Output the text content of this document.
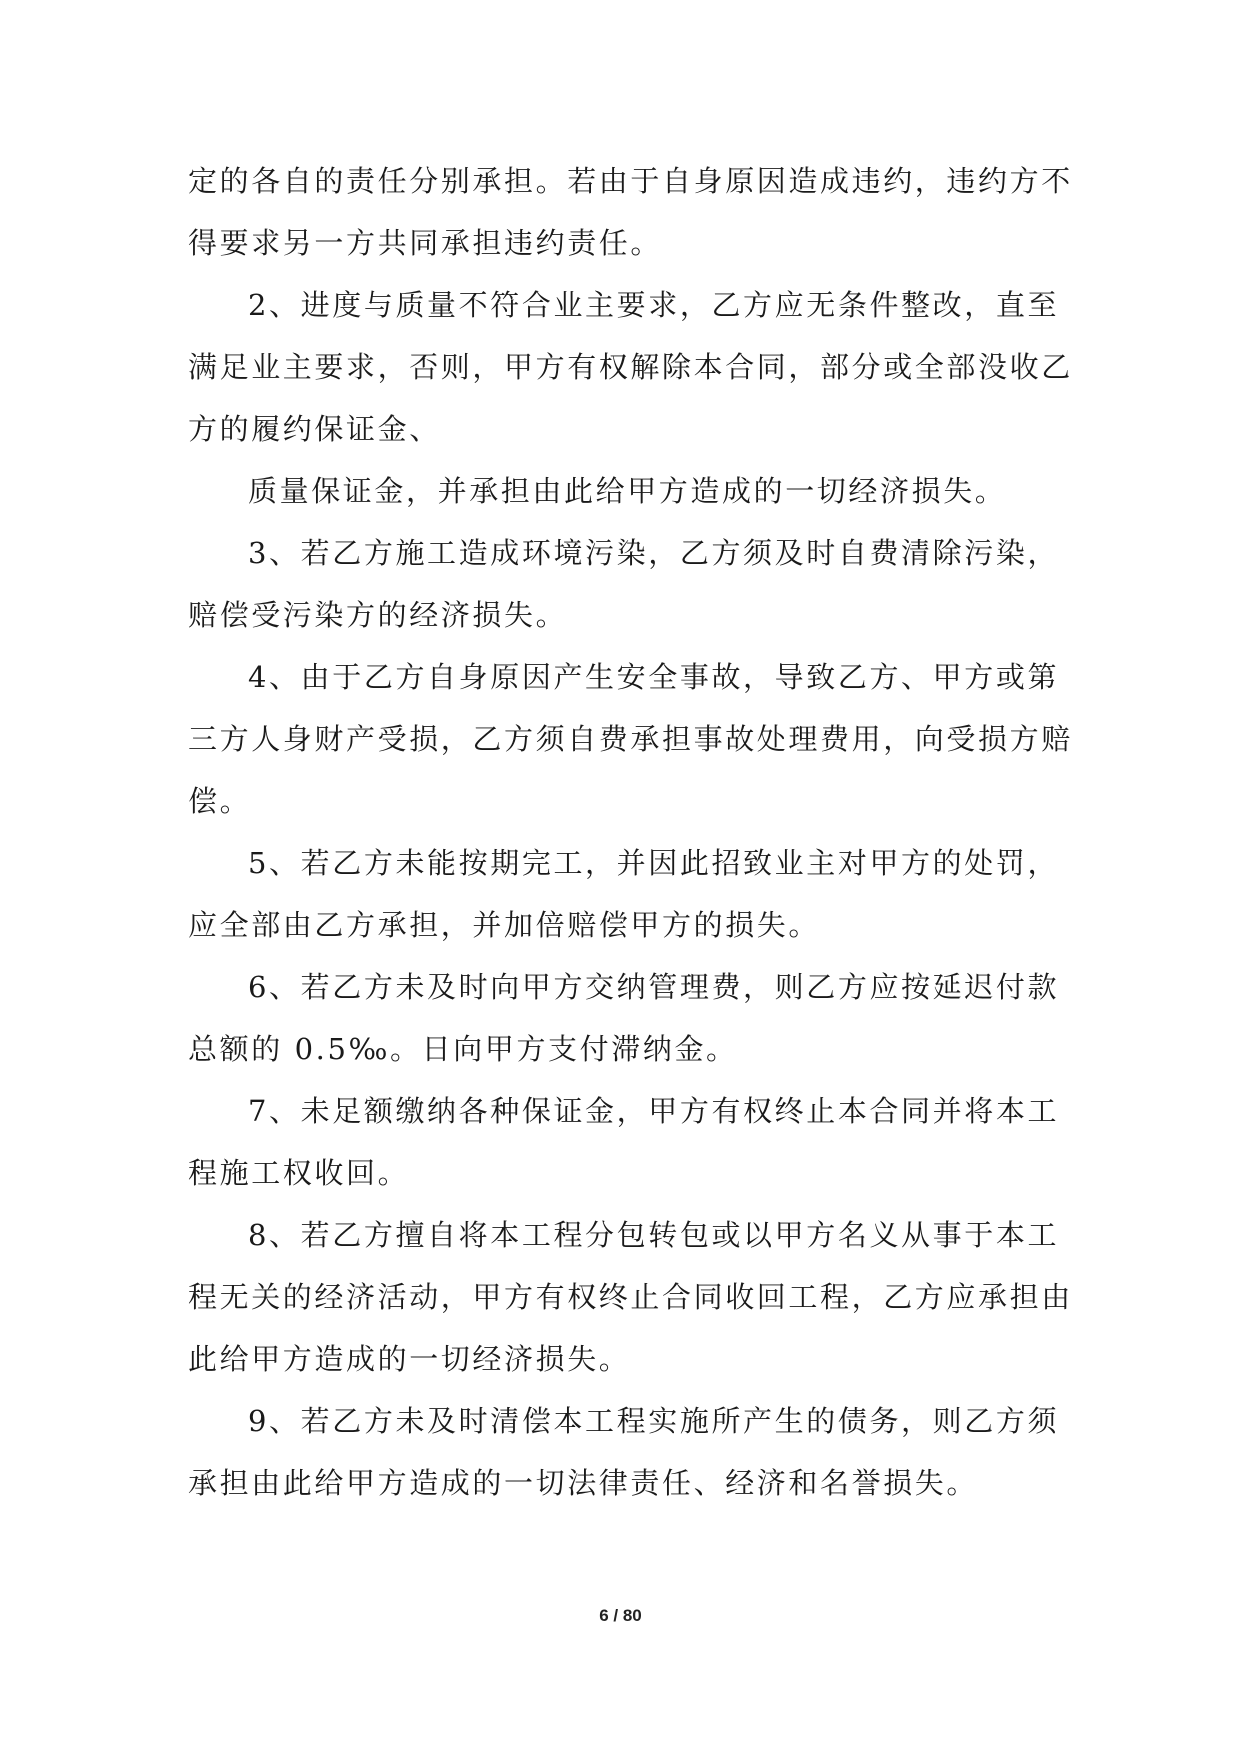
定的各自的责任分别承担。若由于自身原因造成违约，违约方不
得要求另一方共同承担违约责任。
2、进度与质量不符合业主要求，乙方应无条件整改，直至
满足业主要求，否则，甲方有权解除本合同，部分或全部没收乙
方的履约保证金、
质量保证金，并承担由此给甲方造成的一切经济损失。
3、若乙方施工造成环境污染，乙方须及时自费清除污染，
赔偿受污染方的经济损失。
4、由于乙方自身原因产生安全事故，导致乙方、甲方或第
三方人身财产受损，乙方须自费承担事故处理费用，向受损方赔
偿。
5、若乙方未能按期完工，并因此招致业主对甲方的处罚，
应全部由乙方承担，并加倍赔偿甲方的损失。
6、若乙方未及时向甲方交纳管理费，则乙方应按延迟付款
总额的 0.5‰。日向甲方支付滞纳金。
7、未足额缴纳各种保证金，甲方有权终止本合同并将本工
程施工权收回。
8、若乙方擅自将本工程分包转包或以甲方名义从事于本工
程无关的经济活动，甲方有权终止合同收回工程，乙方应承担由
此给甲方造成的一切经济损失。
9、若乙方未及时清偿本工程实施所产生的债务，则乙方须
承担由此给甲方造成的一切法律责任、经济和名誉损失。
6 / 80
